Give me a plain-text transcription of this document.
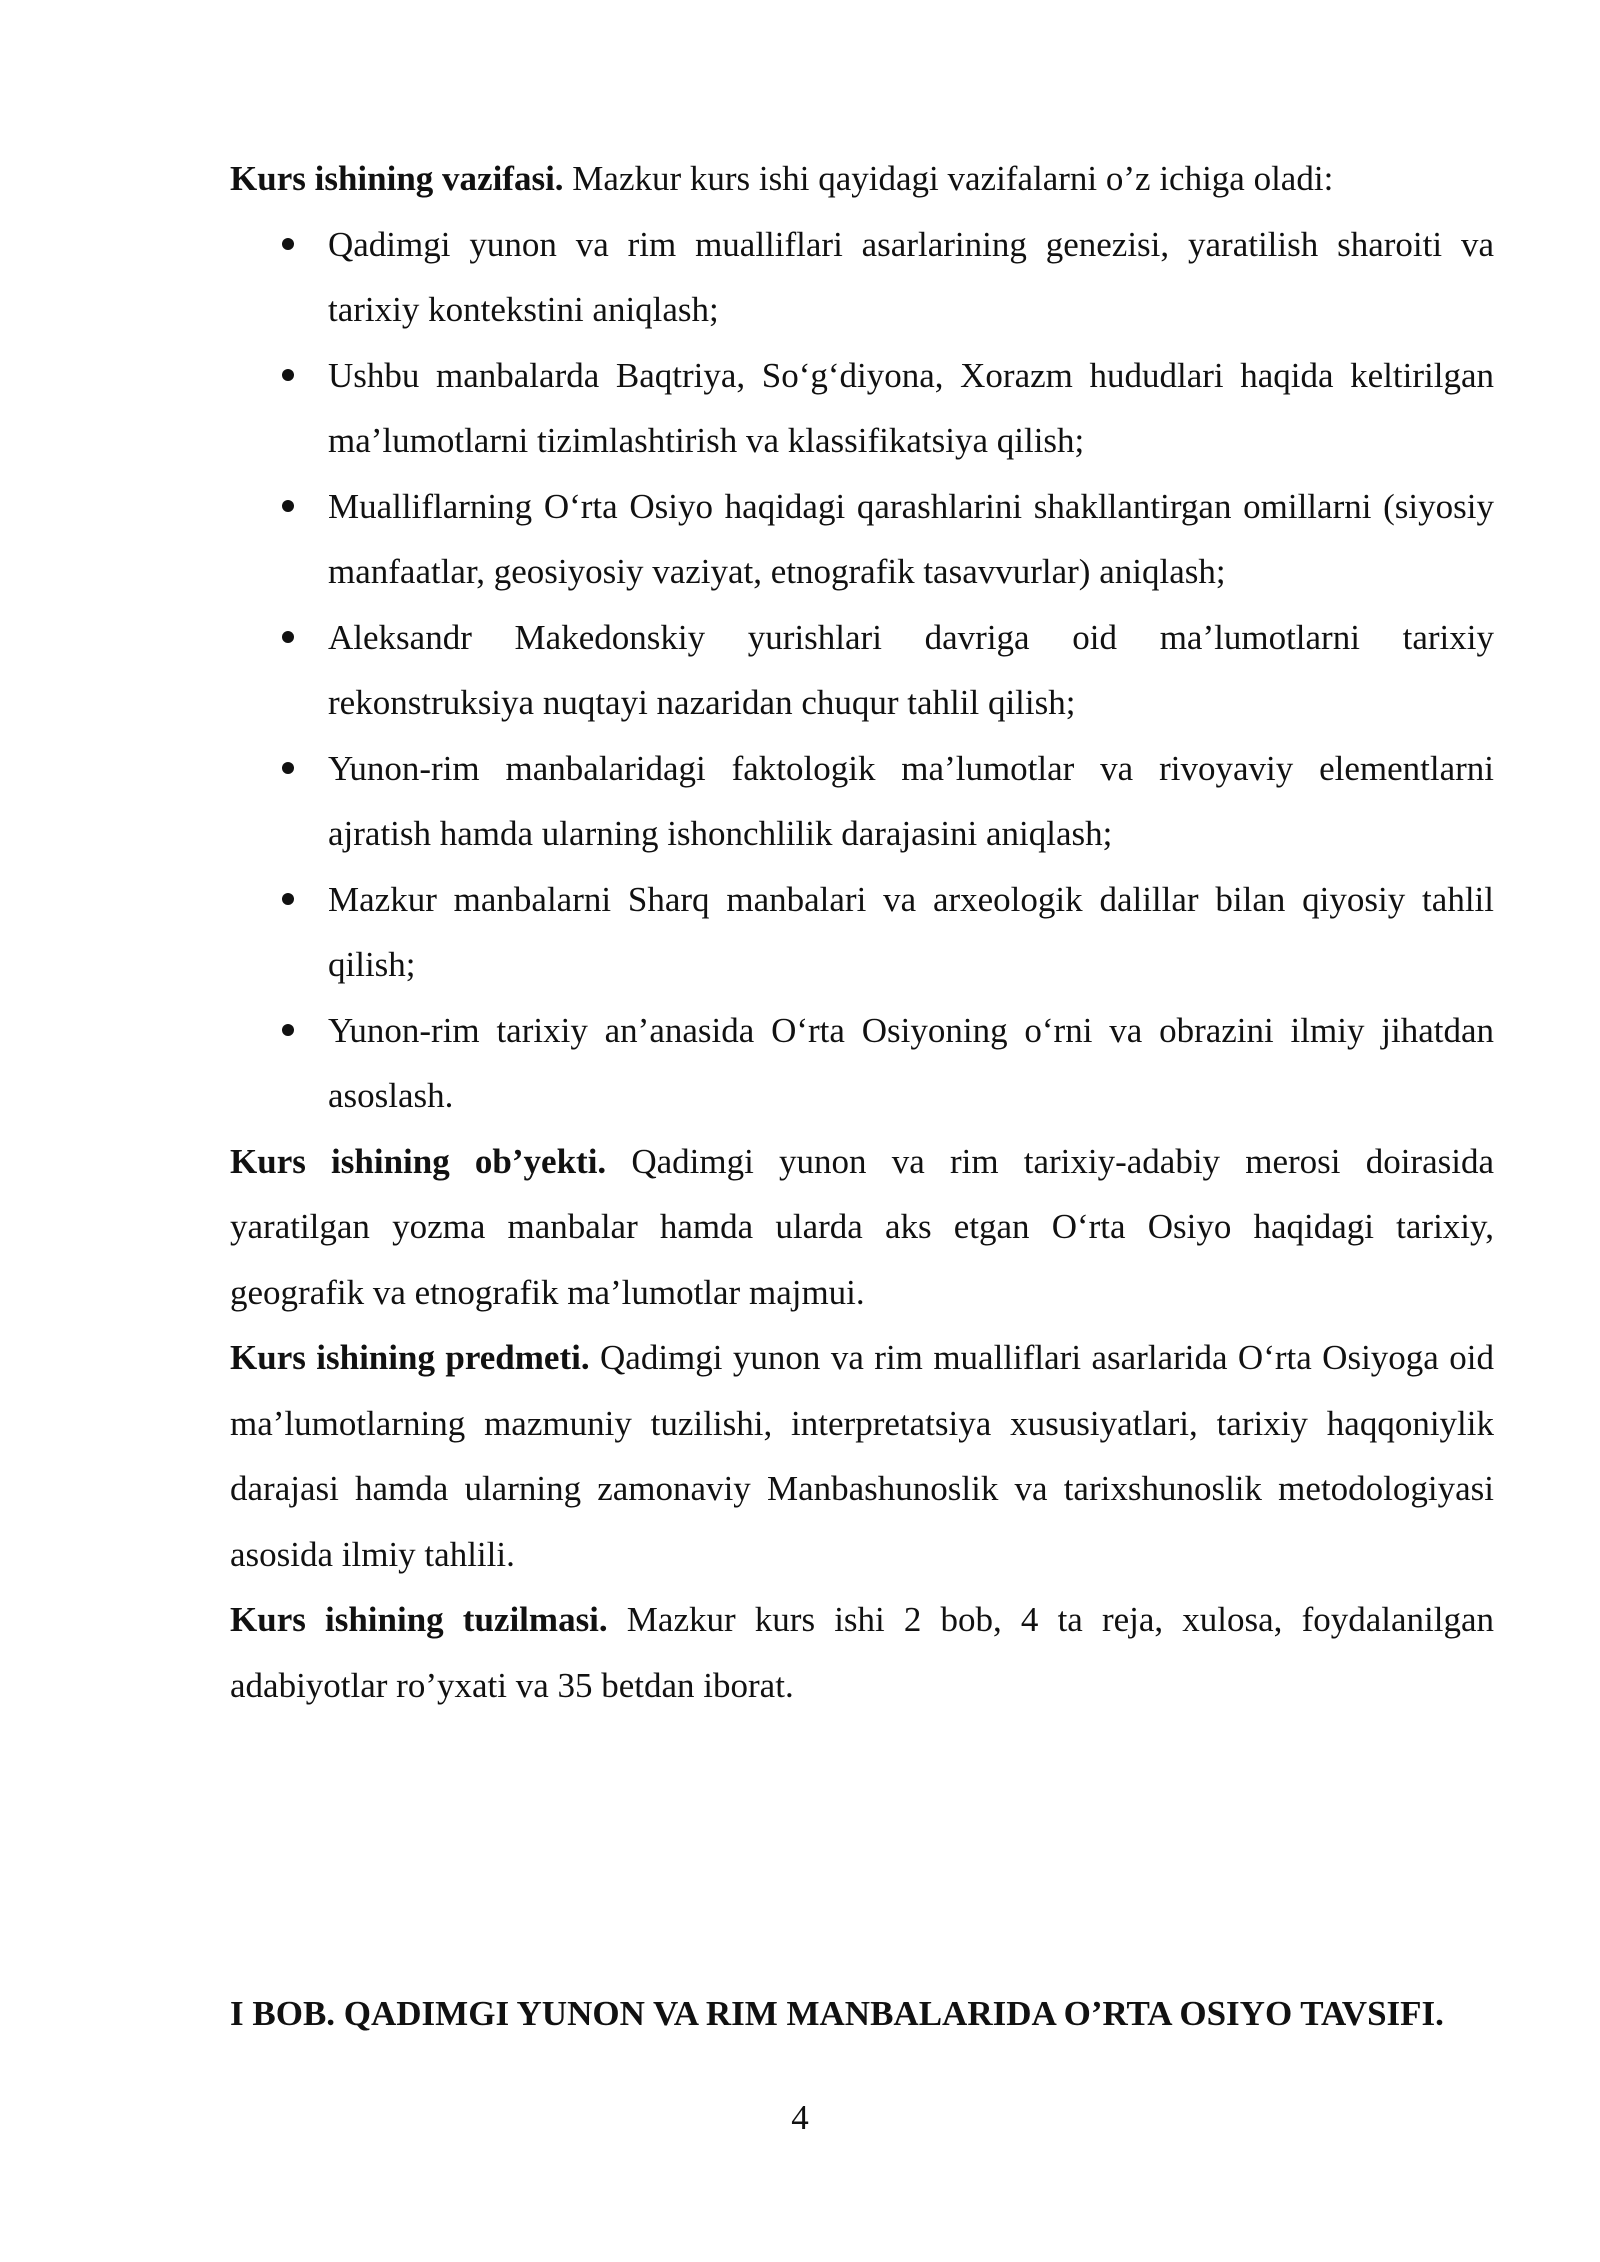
Kurs ishining vazifasi. Mazkur kurs ishi qayidagi vazifalarni o’z ichiga oladi:

Qadimgi yunon va rim mualliflari asarlarining genezisi, yaratilish sharoiti va tarixiy kontekstini aniqlash;
Ushbu manbalarda Baqtriya, So‘g‘diyona, Xorazm hududlari haqida keltirilgan ma’lumotlarni tizimlashtirish va klassifikatsiya qilish;
Mualliflarning O‘rta Osiyo haqidagi qarashlarini shakllantirgan omillarni (siyosiy manfaatlar, geosiyosiy vaziyat, etnografik tasavvurlar) aniqlash;
Aleksandr Makedonskiy yurishlari davriga oid ma’lumotlarni tarixiy rekonstruksiya nuqtayi nazaridan chuqur tahlil qilish;
Yunon-rim manbalaridagi faktologik ma’lumotlar va rivoyaviy elementlarni ajratish hamda ularning ishonchlilik darajasini aniqlash;
Mazkur manbalarni Sharq manbalari va arxeologik dalillar bilan qiyosiy tahlil qilish;
Yunon-rim tarixiy an’anasida O‘rta Osiyoning o‘rni va obrazini ilmiy jihatdan asoslash.

Kurs ishining ob’yekti. Qadimgi yunon va rim tarixiy-adabiy merosi doirasida yaratilgan yozma manbalar hamda ularda aks etgan O‘rta Osiyo haqidagi tarixiy, geografik va etnografik ma’lumotlar majmui.

Kurs ishining predmeti. Qadimgi yunon va rim mualliflari asarlarida O‘rta Osiyoga oid ma’lumotlarning mazmuniy tuzilishi, interpretatsiya xususiyatlari, tarixiy haqqoniylik darajasi hamda ularning zamonaviy Manbashunoslik va tarixshunoslik metodologiyasi asosida ilmiy tahlili.

Kurs ishining tuzilmasi. Mazkur kurs ishi 2 bob, 4 ta reja, xulosa, foydalanilgan adabiyotlar ro’yxati va 35 betdan iborat.

I BOB. QADIMGI YUNON VA RIM MANBALARIDA O’RTA OSIYO TAVSIFI.

4
